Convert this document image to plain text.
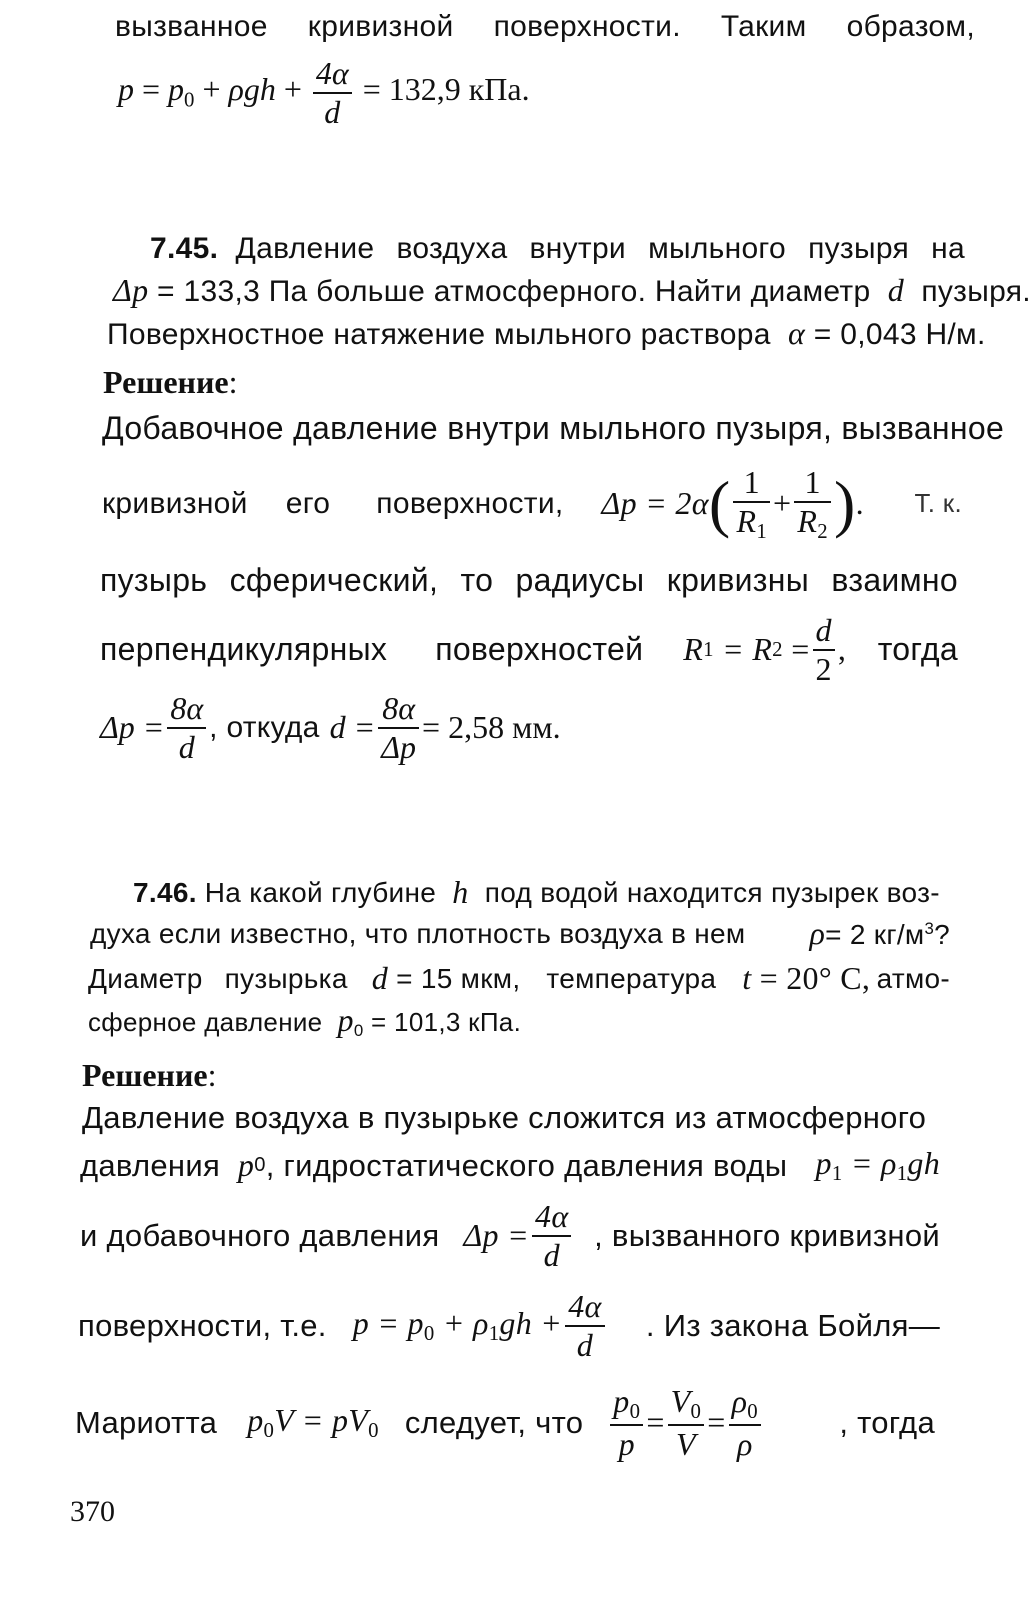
вызванное кривизной поверхности. Таким образом,
$p = p_0 + \rho gh + \frac{4\alpha}{d} = 132,9$ кПа.
7.45. Давление воздуха внутри мыльного пузыря на
Δp = 133,3 Па больше атмосферного. Найти диаметр d пузыря.
Поверхностное натяжение мыльного раствора α = 0,043 Н/м.
Решение:
Добавочное давление внутри мыльного пузыря, вызванное
кривизной его поверхности, Δp = 2α ( $\frac{1}{R_1} + \frac{1}{R_2}$ ) . Т. к.
пузырь сферический, то радиусы кривизны взаимно
перпендикулярных поверхностей R 1
= R 2
= $\frac{d}{2}$ , тогда
$\Delta p = \frac{8\alpha}{d}$ , откуда $d = \frac{8\alpha}{\Delta p} = 2,58$ мм.
7.46. На какой глубине
h
под водой находится пузырек воз-
духа если известно, что плотность воздуха в нем ρ= 2 $кг/м^3$?
Диаметр пузырька d
= 15 мкм, температура t
= 20° С, атмо-
сферное давление $p_0 = 101,3$ кПа.
Решение:
Давление воздуха в пузырьке сложится из атмосферного
давления
p 0 , гидростатического давления воды $p_1 = \rho_1gh$
и добавочного давления $\Delta p = \frac{4\alpha}{d}$ , вызванного кривизной
поверхности, т.е. $p = p_0 + \rho_1gh + \frac{4\alpha}{d}$ . Из закона Бойля—
Мариотта $p_0V = pV_0$ следует, что $\frac{p_0}{p} = \frac{V_0}{V} = \frac{\rho_0}{\rho}$	, тогда
370
